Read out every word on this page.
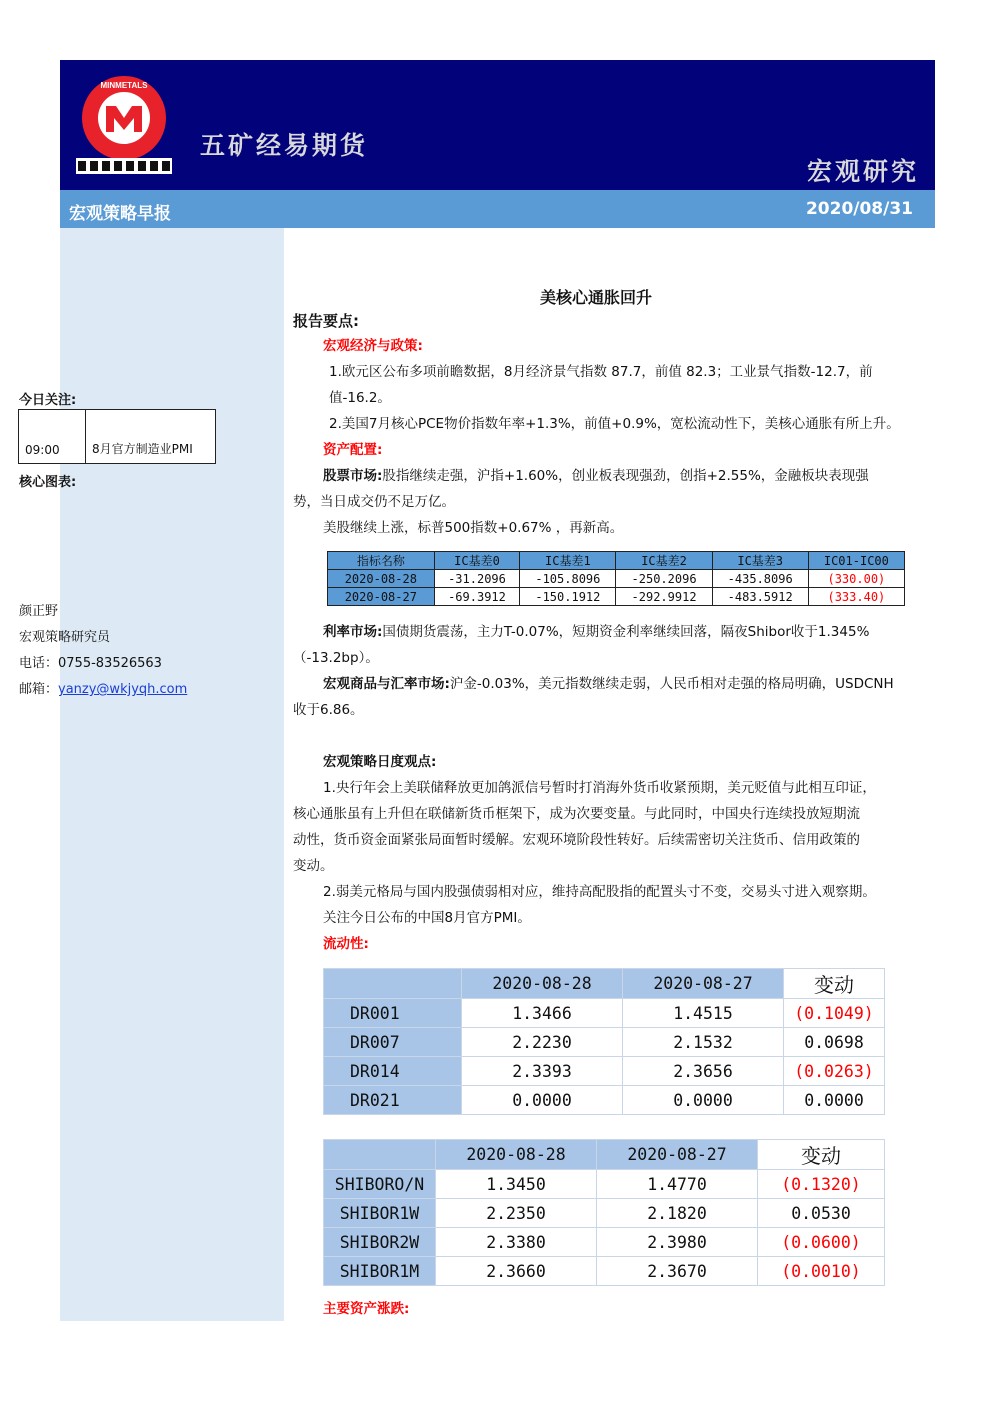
MINMETALS
五矿经易期货
宏观研究
宏观策略早报	2020/08/31
今日关注:
09:00	8月官方制造业PMI
核心图表:
颜正野
宏观策略研究员
电话：0755-83526563
邮箱：yanzy@wkjyqh.com
美核心通胀回升
报告要点:
宏观经济与政策:
1.欧元区公布多项前瞻数据，8月经济景气指数 87.7，前值 82.3；工业景气指数-12.7，前
值-16.2。
2.美国7月核心PCE物价指数年率+1.3%，前值+0.9%，宽松流动性下，美核心通胀有所上升。
资产配置:
股票市场:股指继续走强，沪指+1.60%，创业板表现强劲，创指+2.55%，金融板块表现强
势，当日成交仍不足万亿。
美股继续上涨，标普500指数+0.67% ，再新高。
指标名称	IC基差0	IC基差1	IC基差2	IC基差3	IC01-IC00
2020-08-28	-31.2096	-105.8096	-250.2096	-435.8096	(330.00)
2020-08-27	-69.3912	-150.1912	-292.9912	-483.5912	(333.40)
利率市场:国债期货震荡，主力T-0.07%，短期资金利率继续回落，隔夜Shibor收于1.345%
（-13.2bp）。
宏观商品与汇率市场:沪金-0.03%，美元指数继续走弱，人民币相对走强的格局明确，USDCNH
收于6.86。
宏观策略日度观点:
1.央行年会上美联储释放更加鸽派信号暂时打消海外货币收紧预期，美元贬值与此相互印证，
核心通胀虽有上升但在联储新货币框架下，成为次要变量。与此同时，中国央行连续投放短期流
动性，货币资金面紧张局面暂时缓解。宏观环境阶段性转好。后续需密切关注货币、信用政策的
变动。
2.弱美元格局与国内股强债弱相对应，维持高配股指的配置头寸不变，交易头寸进入观察期。
关注今日公布的中国8月官方PMI。
流动性:
	2020-08-28	2020-08-27	变动
DR001	1.3466	1.4515	(0.1049)
DR007	2.2230	2.1532	0.0698
DR014	2.3393	2.3656	(0.0263)
DR021	0.0000	0.0000	0.0000
	2020-08-28	2020-08-27	变动
SHIBORO/N	1.3450	1.4770	(0.1320)
SHIBOR1W	2.2350	2.1820	0.0530
SHIBOR2W	2.3380	2.3980	(0.0600)
SHIBOR1M	2.3660	2.3670	(0.0010)
主要资产涨跌:
